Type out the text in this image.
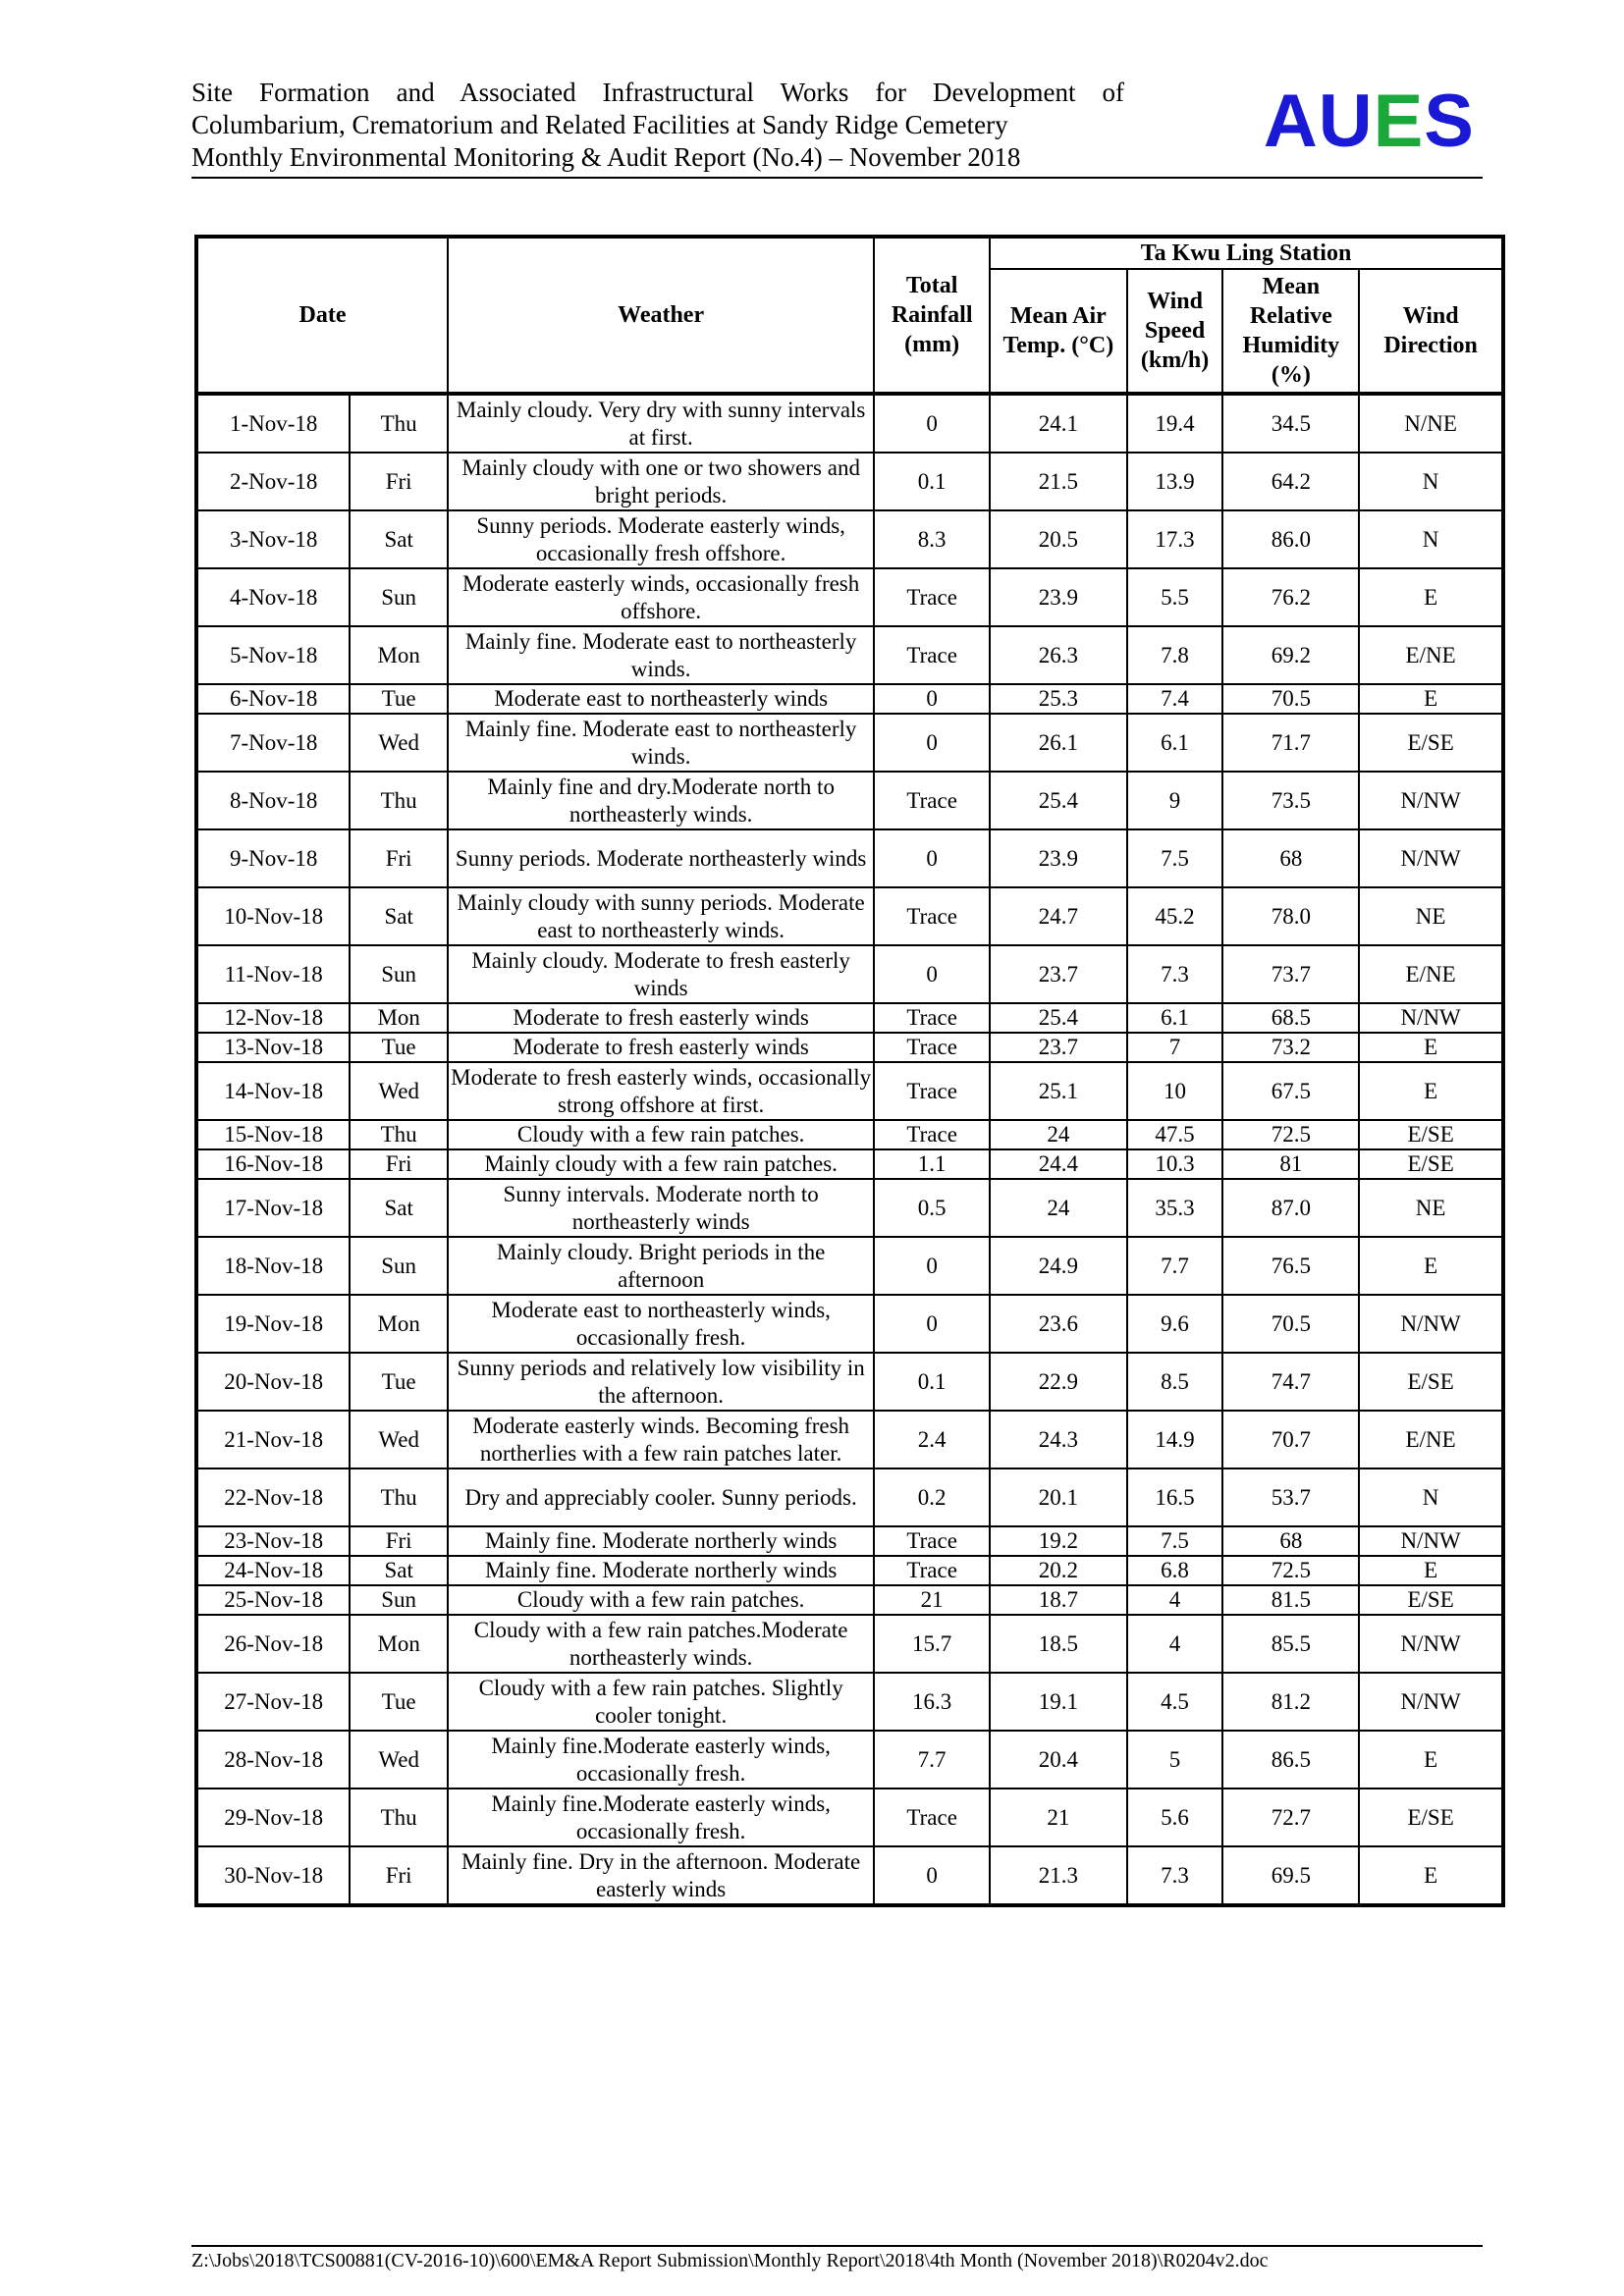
Site Formation and Associated Infrastructural Works for Development of
Columbarium, Crematorium and Related Facilities at Sandy Ridge Cemetery
Monthly Environmental Monitoring & Audit Report (No.4) – November 2018	AUES
Date		Weather	Total Rainfall (mm)	Ta Kwu Ling Station			
				Mean Air Temp. (°C)	Wind Speed (km/h)	Mean Relative Humidity (%)	Wind Direction
1-Nov-18	Thu	Mainly cloudy. Very dry with sunny intervals at first.	0	24.1	19.4	34.5	N/NE
2-Nov-18	Fri	Mainly cloudy with one or two showers and bright periods.	0.1	21.5	13.9	64.2	N
3-Nov-18	Sat	Sunny periods. Moderate easterly winds, occasionally fresh offshore.	8.3	20.5	17.3	86.0	N
4-Nov-18	Sun	Moderate easterly winds, occasionally fresh offshore.	Trace	23.9	5.5	76.2	E
5-Nov-18	Mon	Mainly fine. Moderate east to northeasterly winds.	Trace	26.3	7.8	69.2	E/NE
6-Nov-18	Tue	Moderate east to northeasterly winds	0	25.3	7.4	70.5	E
7-Nov-18	Wed	Mainly fine. Moderate east to northeasterly winds.	0	26.1	6.1	71.7	E/SE
8-Nov-18	Thu	Mainly fine and dry.Moderate north to northeasterly winds.	Trace	25.4	9	73.5	N/NW
9-Nov-18	Fri	Sunny periods. Moderate northeasterly winds	0	23.9	7.5	68	N/NW
10-Nov-18	Sat	Mainly cloudy with sunny periods. Moderate east to northeasterly winds.	Trace	24.7	45.2	78.0	NE
11-Nov-18	Sun	Mainly cloudy. Moderate to fresh easterly winds	0	23.7	7.3	73.7	E/NE
12-Nov-18	Mon	Moderate to fresh easterly winds	Trace	25.4	6.1	68.5	N/NW
13-Nov-18	Tue	Moderate to fresh easterly winds	Trace	23.7	7	73.2	E
14-Nov-18	Wed	Moderate to fresh easterly winds, occasionally strong offshore at first.	Trace	25.1	10	67.5	E
15-Nov-18	Thu	Cloudy with a few rain patches.	Trace	24	47.5	72.5	E/SE
16-Nov-18	Fri	Mainly cloudy with a few rain patches.	1.1	24.4	10.3	81	E/SE
17-Nov-18	Sat	Sunny intervals. Moderate north to northeasterly winds	0.5	24	35.3	87.0	NE
18-Nov-18	Sun	Mainly cloudy. Bright periods in the afternoon	0	24.9	7.7	76.5	E
19-Nov-18	Mon	Moderate east to northeasterly winds, occasionally fresh.	0	23.6	9.6	70.5	N/NW
20-Nov-18	Tue	Sunny periods and relatively low visibility in the afternoon.	0.1	22.9	8.5	74.7	E/SE
21-Nov-18	Wed	Moderate easterly winds. Becoming fresh northerlies with a few rain patches later.	2.4	24.3	14.9	70.7	E/NE
22-Nov-18	Thu	Dry and appreciably cooler. Sunny periods.	0.2	20.1	16.5	53.7	N
23-Nov-18	Fri	Mainly fine. Moderate northerly winds	Trace	19.2	7.5	68	N/NW
24-Nov-18	Sat	Mainly fine. Moderate northerly winds	Trace	20.2	6.8	72.5	E
25-Nov-18	Sun	Cloudy with a few rain patches.	21	18.7	4	81.5	E/SE
26-Nov-18	Mon	Cloudy with a few rain patches.Moderate northeasterly winds.	15.7	18.5	4	85.5	N/NW
27-Nov-18	Tue	Cloudy with a few rain patches. Slightly cooler tonight.	16.3	19.1	4.5	81.2	N/NW
28-Nov-18	Wed	Mainly fine.Moderate easterly winds, occasionally fresh.	7.7	20.4	5	86.5	E
29-Nov-18	Thu	Mainly fine.Moderate easterly winds, occasionally fresh.	Trace	21	5.6	72.7	E/SE
30-Nov-18	Fri	Mainly fine. Dry in the afternoon. Moderate easterly winds	0	21.3	7.3	69.5	E
Z:\Jobs\2018\TCS00881(CV-2016-10)\600\EM&A Report Submission\Monthly Report\2018\4th Month (November 2018)\R0204v2.doc
